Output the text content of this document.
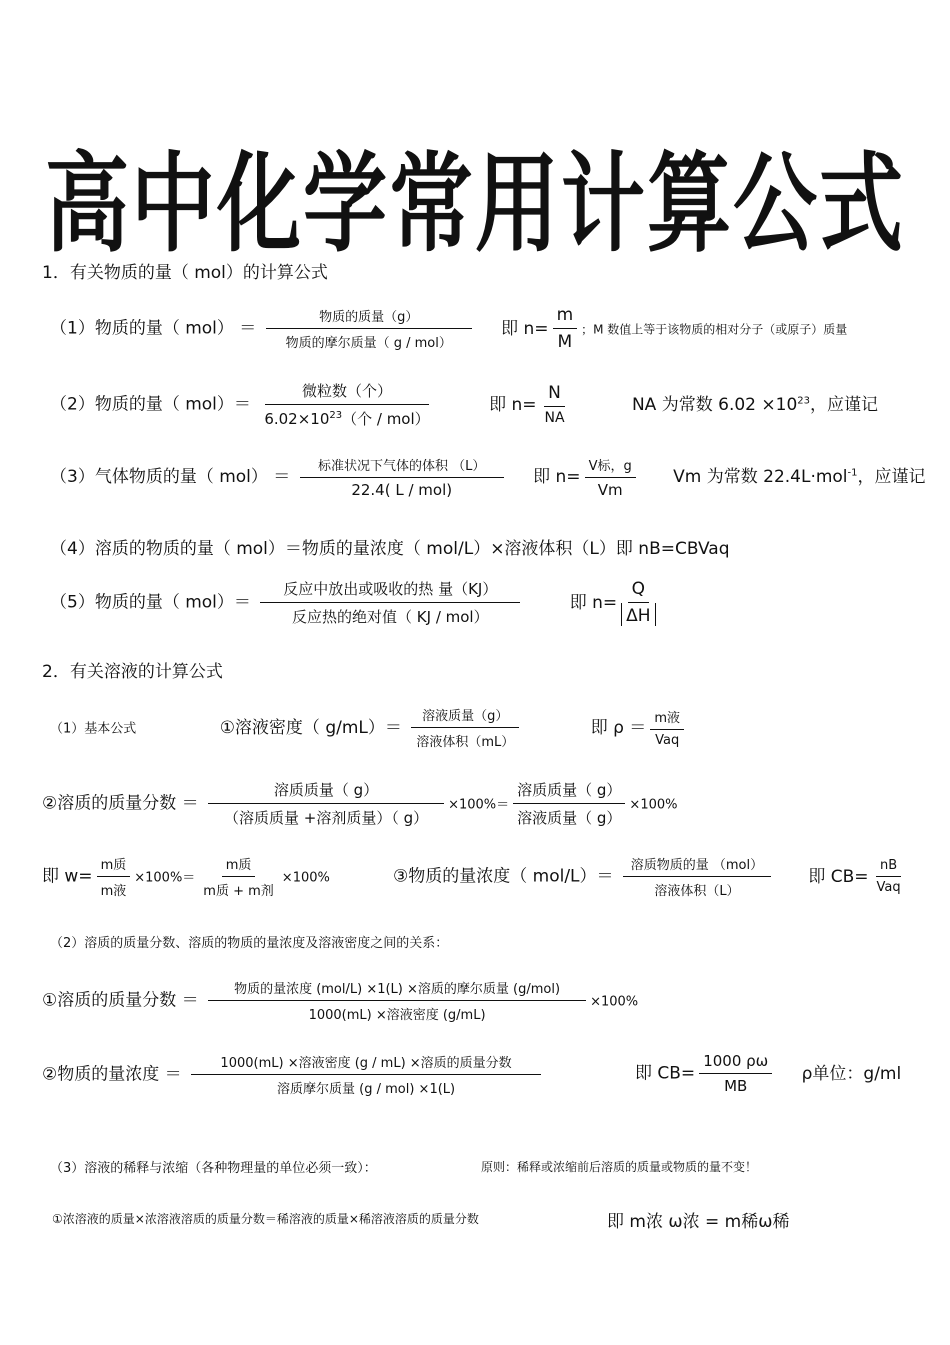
高中化学常用计算公式
1．有关物质的量（ mol）的计算公式
（1）物质的量（ $mol) = \frac{\text{物质的质量（g）}}{\text{物质的摩尔质量（ g / mol）}}$ 即 $n= \frac{m}{M}$ ；M 数值上等于该物质的相对分子（或原子）质量
（2）物质的量（ $mol)= \frac{\text{微粒数（个）}}{6.02\times 10^{23}(个 / mol)}$	即 $n= \frac{N}{NA}$	NA 为常数 $6.02 \times 10^{23}$，应谨记
（3）气体物质的量（ $mol) = \frac{\text{标准状况下气体的体积 （L）}}{\text{22.4( L / mol)}}$ 即 $n= \frac{\text{V标，g}}{Vm}$ Vm 为常数 22.4L·mol$^{-1}$，应谨记
（4）溶质的物质的量（ mol）＝物质的量浓度（ mol/L）×溶液体积（L）即 nB=CBVaq
（5）物质的量（ $mol)= \frac{\text{反应中放出或吸收的热 量（KJ）}}{\text{反应热的绝对值（ KJ / mol）}}$	即 $n= \frac{Q}{\Delta H}$
2．有关溶液的计算公式
（1）基本公式	①溶液密度（ $g/mL)= \frac{\text{溶液质量（g）}}{\text{溶液体积（mL）}}$	即 $\rho = \frac{\text{m液}}{\text{Vaq}}$
②溶质的质量分数 ＝ $\frac{\text{溶质质量（ g）}}{\text{（溶质质量 +溶剂质量）（ g）}} \times 100\%= \frac{\text{溶质质量（ g）}}{\text{溶液质量（ g）}} \times 100\%$
即 $w= \frac{\text{m质}}{\text{m液}} \times 100\%= \frac{\text{m质}}{\text{m质 + m剂}} \times 100\%$	③物质的量浓度（ $mol/L)= \frac{\text{溶质物质的量 （mol）}}{\text{溶液体积（L）}}$ 即 $CB= \frac{nB}{\text{Vaq}}$
（2）溶质的质量分数、溶质的物质的量浓度及溶液密度之间的关系：
①溶质的质量分数 ＝ $\frac{\text{物质的量浓度 (mol/L) ×1(L) ×溶质的摩尔质量 (g/mol)}}{\text{1000(mL) ×溶液密度 (g/mL)}} \times 100\%$
②物质的量浓度 ＝ $\frac{\text{1000(mL) ×溶液密度 (g / mL) ×溶质的质量分数}}{\text{溶质摩尔质量 (g / mol) ×1(L)}}$	即 $CB= \frac{1000 \rho\omega}{MB}$ ρ单位：g/ml
（3）溶液的稀释与浓缩（各种物理量的单位必须一致）：	原则：稀释或浓缩前后溶质的质量或物质的量不变！
①浓溶液的质量×浓溶液溶质的质量分数＝稀溶液的质量×稀溶液溶质的质量分数	即 m浓 ω浓 = m稀ω稀
